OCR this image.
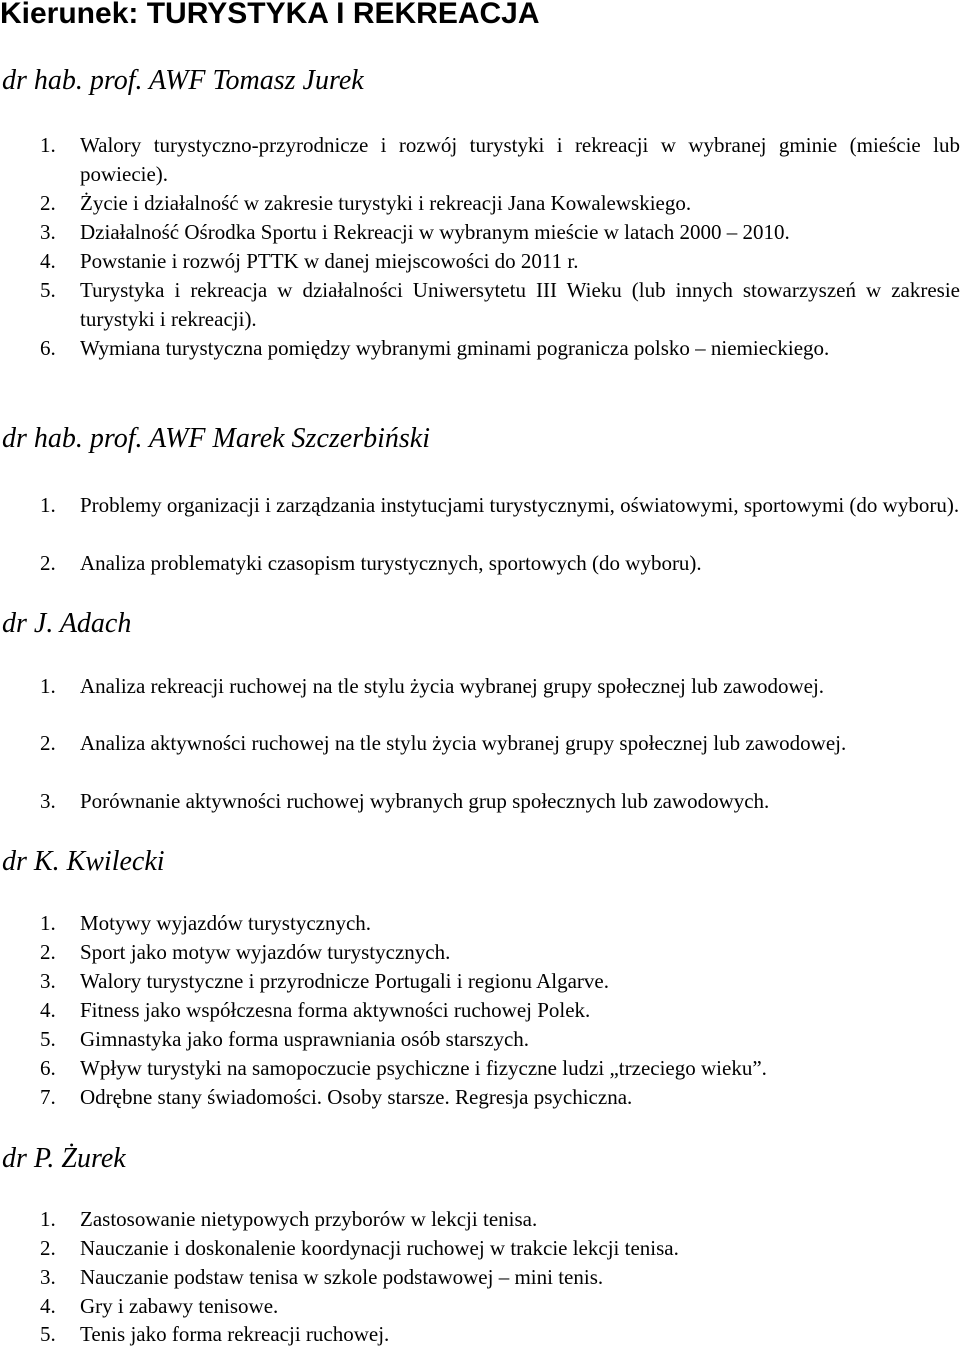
Kierunek: TURYSTYKA I REKREACJA
dr hab. prof. AWF Tomasz Jurek
1. Walory turystyczno-przyrodnicze i rozwój turystyki i rekreacji w wybranej gminie (mieście lub powiecie).
2. Życie i działalność w zakresie turystyki i rekreacji Jana Kowalewskiego.
3. Działalność Ośrodka Sportu i Rekreacji w wybranym mieście w latach 2000 – 2010.
4. Powstanie i rozwój PTTK w danej miejscowości do 2011 r.
5. Turystyka i rekreacja w działalności Uniwersytetu III Wieku (lub innych stowarzyszeń w zakresie turystyki i rekreacji).
6. Wymiana turystyczna pomiędzy wybranymi gminami pogranicza polsko – niemieckiego.
dr hab. prof. AWF Marek Szczerbiński
1. Problemy organizacji i zarządzania instytucjami turystycznymi, oświatowymi, sportowymi (do wyboru).
2. Analiza problematyki czasopism turystycznych, sportowych (do wyboru).
dr J. Adach
1. Analiza rekreacji ruchowej na tle stylu życia wybranej grupy społecznej lub zawodowej.
2. Analiza aktywności ruchowej na tle stylu życia wybranej grupy społecznej lub zawodowej.
3. Porównanie aktywności ruchowej wybranych grup społecznych lub zawodowych.
dr K. Kwilecki
1. Motywy wyjazdów turystycznych.
2. Sport jako motyw wyjazdów turystycznych.
3. Walory turystyczne i przyrodnicze Portugali i regionu Algarve.
4. Fitness jako współczesna forma aktywności ruchowej Polek.
5. Gimnastyka jako forma usprawniania osób starszych.
6. Wpływ turystyki na samopoczucie psychiczne i fizyczne ludzi „trzeciego wieku”.
7. Odrębne stany świadomości. Osoby starsze. Regresja psychiczna.
dr P. Żurek
1. Zastosowanie nietypowych przyborów w lekcji tenisa.
2. Nauczanie i doskonalenie koordynacji ruchowej w trakcie lekcji tenisa.
3. Nauczanie podstaw tenisa w szkole podstawowej – mini tenis.
4. Gry i zabawy tenisowe.
5. Tenis jako forma rekreacji ruchowej.
